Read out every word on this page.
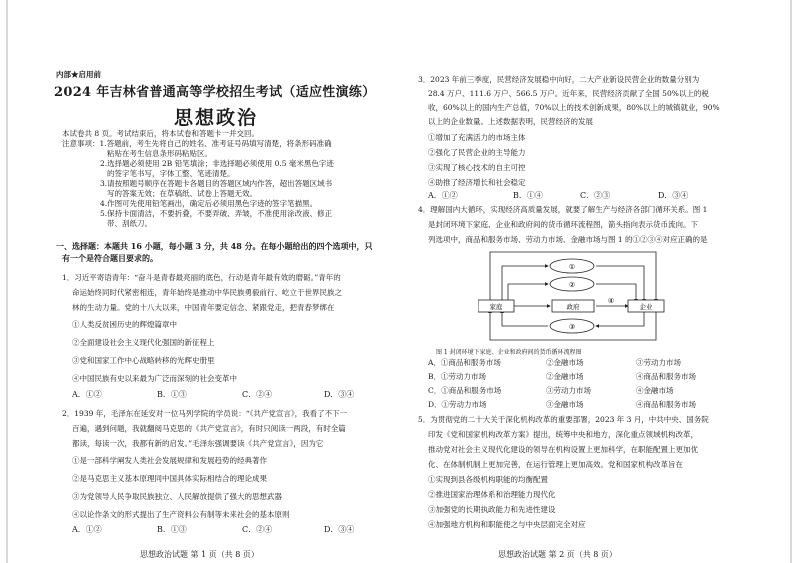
内部★启用前
2024 年吉林省普通高等学校招生考试（适应性演练）
思想政治
本试卷共 8 页。考试结束后，将本试卷和答题卡一并交回。
注意事项：1.答题前，考生先将自己的姓名、准考证号码填写清楚，将条形码准确
粘贴在考生信息条形码粘贴区。
2.选择题必须使用 2B 铅笔填涂；非选择题必须使用 0.5 毫米黑色字迹
的签字笔书写，字体工整、笔迹清楚。
3.请按照题号顺序在答题卡各题目的答题区域内作答，超出答题区域书
写的答案无效；在草稿纸、试卷上答题无效。
4.作图可先使用铅笔画出，确定后必须用黑色字迹的签字笔描黑。
5.保持卡面清洁，不要折叠，不要弄破、弄皱，不准使用涂改液、修正
带、刮纸刀。
一、选择题：本题共 16 小题，每小题 3 分，共 48 分。在每小题给出的四个选项中，只
有一个是符合题目要求的。
1．习近平寄语青年：“奋斗是青春最亮丽的底色，行动是青年最有效的磨砺。”青年的
命运始终同时代紧密相连，青年始终是推动中华民族勇毅前行、屹立于世界民族之
林的生动力量。党的十八大以来，中国青年要定信念、紧跟党走，把青春梦绑在
①人类反贫困历史的辉煌篇章中
②全面建设社会主义现代化强国的新征程上
③党和国家工作中心战略转移的光辉史册里
④中国民族有史以来最为广泛而深刻的社会变革中
A．①②	B．①③	C．②④	D．③④
2．1939 年，毛泽东在延安对一位马列学院的学员说：“《共产党宣言》，我看了不下一
百遍，遇到问题，我就翻阅马克思的《共产党宣言》，有时只阅读一两段，有时全篇
都读，每读一次，我都有新的启发。”毛泽东强调要读《共产党宣言》，因为它
①是一部科学阐发人类社会发展规律和发展趋势的经典著作
②是马克思主义基本原理同中国具体实际相结合的理论成果
③为党领导人民争取民族独立、人民解放提供了强大的思想武器
④以论作条文的形式提出了生产资料公有制等未来社会的基本原则
A．①②	B．①③	C．②④	D．③④
思想政治试题 第 1 页（共 8 页）
3．2023 年前三季度，民营经济发展稳中向好，二大产业新设民营企业的数量分别为
28.4 万户、111.6 万户、566.5 万户。近年来，民营经济贡献了全国 50%以上的税
收，60%以上的国内生产总值，70%以上的技术创新成果，80%以上的城镇就业，90%
以上的企业数量。上述数据表明，民营经济的发展
①增加了充满活力的市场主体
②强化了民营企业的主导能力
③实现了核心技术的自主可控
④助推了经济增长和社会稳定
A．①②	B．①④	C．②③	D．③④
4．理解国内大循环，实现经济高质量发展，就要了解生产与经济各部门循环关系。图 1
是封闭环境下家庭、企业和政府间的货币循环流程图，箭头指向表示货币流向。下
列选项中，商品和服务市场、劳动力市场、金融市场与图 1 的①②③④对应正确的是
图 1 封闭环境下家庭、企业和政府间的货币循环流程图
A．①商品和服务市场	②金融市场	③劳动力市场
B．①劳动力市场	②金融市场	④商品和服务市场
C．①商品和服务市场	③劳动力市场	④金融市场
D．①劳动力市场	③金融市场	④商品和服务市场
5．为贯彻党的二十大关于深化机构改革的重要部署，2023 年 3 月，中共中央、国务院
印发《党和国家机构改革方案》提出，统筹中央和地方，深化重点领域机构改革，
推动党对社会主义现代化建设的领导在机构设置上更加科学，在职能配置上更加优
化、在体制机制上更加完善，在运行管理上更加高效。党和国家机构改革旨在
①实现到县各级机构职能的均衡配置
②推进国家治理体系和治理能力现代化
③加强党的长期执政能力和先进性建设
④加强地方机构和职能使之与中央层面完全对应
思想政治试题 第 2 页（共 8 页）
①
②
③
④
家庭	政府	企业
